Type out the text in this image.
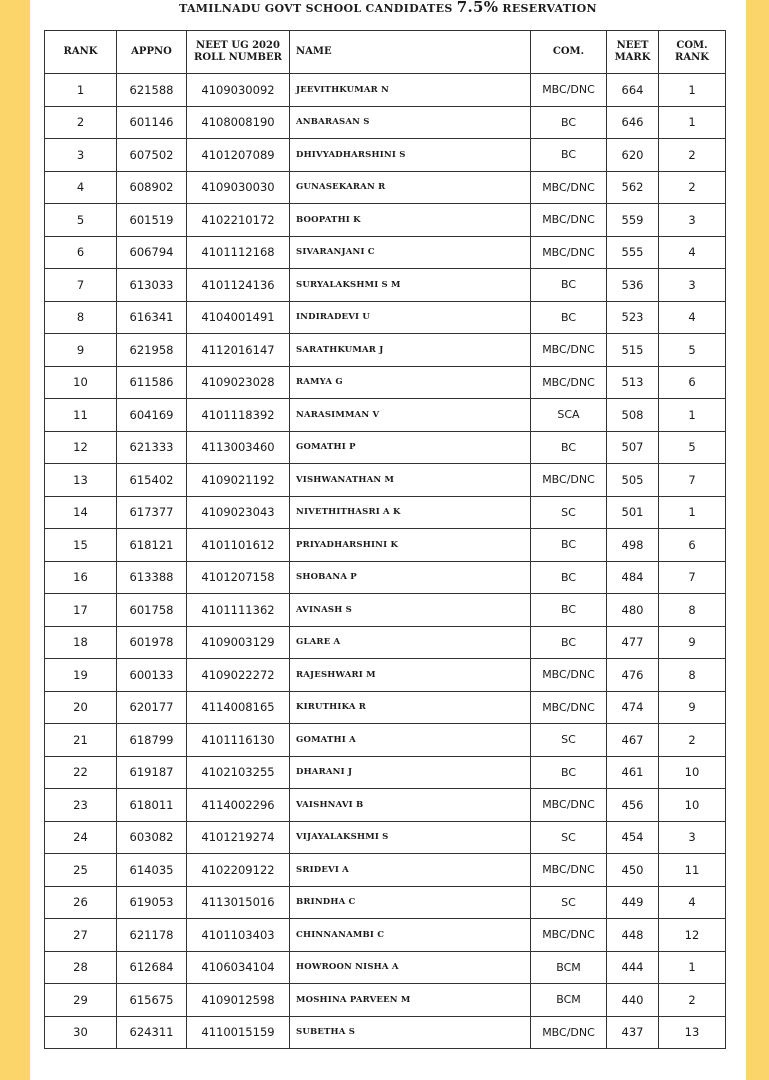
TAMILNADU GOVT SCHOOL CANDIDATES 7.5% RESERVATION
RANK	APPNO	NEET UG 2020 ROLL NUMBER	NAME	COM.	NEET MARK	COM. RANK
1	621588	4109030092	JEEVITHKUMAR N	MBC/DNC	664	1
2	601146	4108008190	ANBARASAN S	BC	646	1
3	607502	4101207089	DHIVYADHARSHINI S	BC	620	2
4	608902	4109030030	GUNASEKARAN R	MBC/DNC	562	2
5	601519	4102210172	BOOPATHI K	MBC/DNC	559	3
6	606794	4101112168	SIVARANJANI C	MBC/DNC	555	4
7	613033	4101124136	SURYALAKSHMI S M	BC	536	3
8	616341	4104001491	INDIRADEVI U	BC	523	4
9	621958	4112016147	SARATHKUMAR J	MBC/DNC	515	5
10	611586	4109023028	RAMYA G	MBC/DNC	513	6
11	604169	4101118392	NARASIMMAN V	SCA	508	1
12	621333	4113003460	GOMATHI P	BC	507	5
13	615402	4109021192	VISHWANATHAN M	MBC/DNC	505	7
14	617377	4109023043	NIVETHITHASRI A K	SC	501	1
15	618121	4101101612	PRIYADHARSHINI K	BC	498	6
16	613388	4101207158	SHOBANA P	BC	484	7
17	601758	4101111362	AVINASH S	BC	480	8
18	601978	4109003129	GLARE A	BC	477	9
19	600133	4109022272	RAJESHWARI M	MBC/DNC	476	8
20	620177	4114008165	KIRUTHIKA R	MBC/DNC	474	9
21	618799	4101116130	GOMATHI A	SC	467	2
22	619187	4102103255	DHARANI J	BC	461	10
23	618011	4114002296	VAISHNAVI B	MBC/DNC	456	10
24	603082	4101219274	VIJAYALAKSHMI S	SC	454	3
25	614035	4102209122	SRIDEVI A	MBC/DNC	450	11
26	619053	4113015016	BRINDHA C	SC	449	4
27	621178	4101103403	CHINNANAMBI C	MBC/DNC	448	12
28	612684	4106034104	HOWROON NISHA A	BCM	444	1
29	615675	4109012598	MOSHINA PARVEEN M	BCM	440	2
30	624311	4110015159	SUBETHA S	MBC/DNC	437	13
